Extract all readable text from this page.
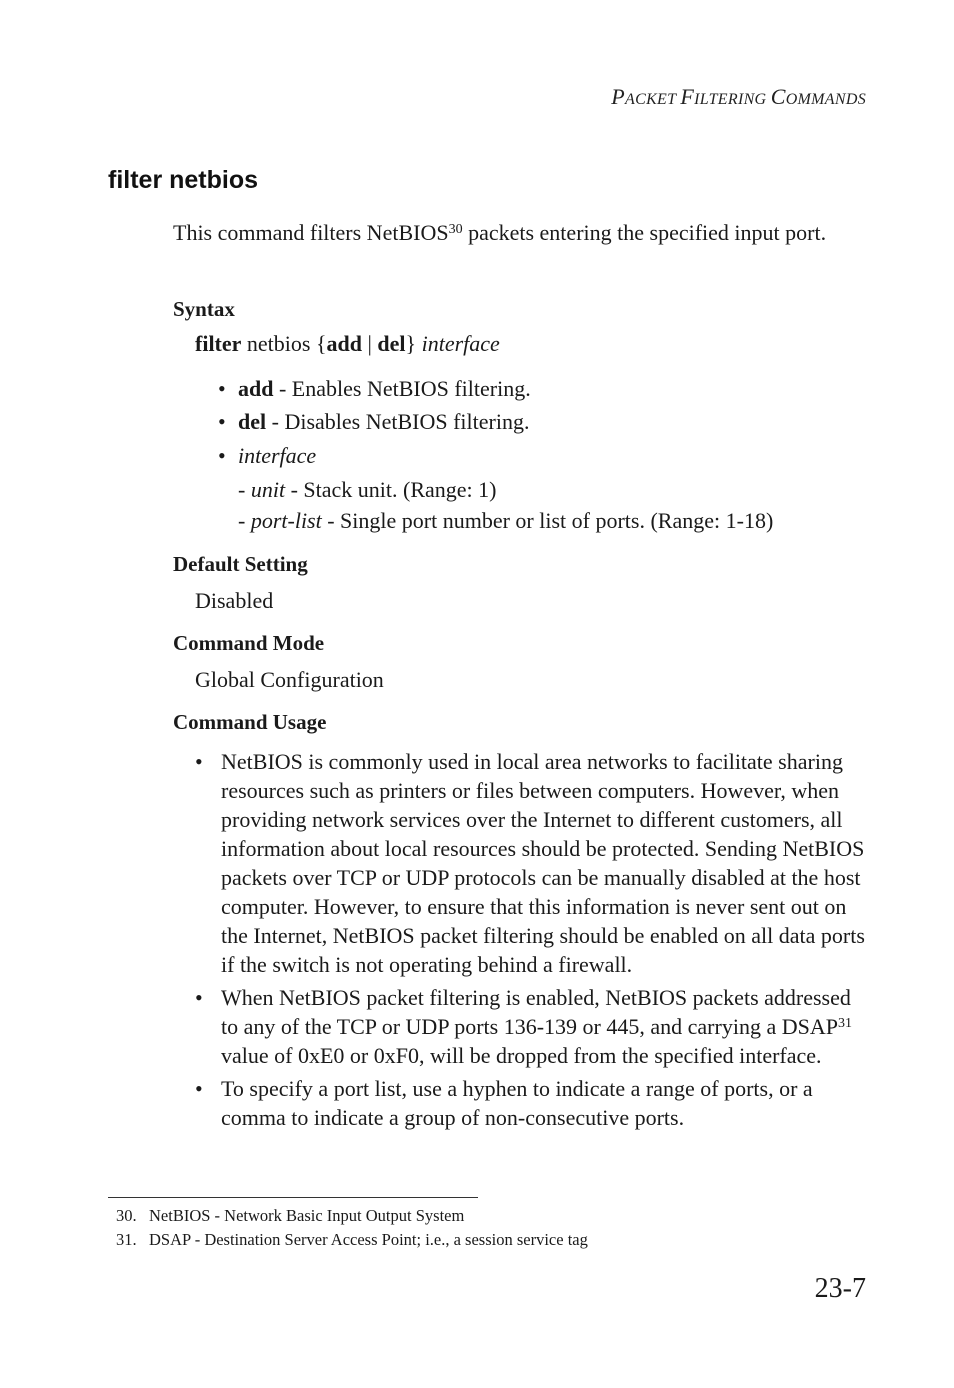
PACKET FILTERING COMMANDS
filter netbios
This command filters NetBIOS$^{30}$ packets entering the specified input port.
Syntax
filter netbios {add | del} interface
• add - Enables NetBIOS filtering.
• del - Disables NetBIOS filtering.
• interface
- unit - Stack unit. (Range: 1)
- port-list - Single port number or list of ports. (Range: 1-18)
Default Setting
Disabled
Command Mode
Global Configuration
Command Usage
• NetBIOS is commonly used in local area networks to facilitate sharing resources such as printers or files between computers. However, when providing network services over the Internet to different customers, all information about local resources should be protected. Sending NetBIOS packets over TCP or UDP protocols can be manually disabled at the host computer. However, to ensure that this information is never sent out on the Internet, NetBIOS packet filtering should be enabled on all data ports if the switch is not operating behind a firewall.
• When NetBIOS packet filtering is enabled, NetBIOS packets addressed to any of the TCP or UDP ports 136-139 or 445, and carrying a DSAP$^{31}$ value of 0xE0 or 0xF0, will be dropped from the specified interface.
• To specify a port list, use a hyphen to indicate a range of ports, or a comma to indicate a group of non-consecutive ports.
30. NetBIOS - Network Basic Input Output System
31. DSAP - Destination Server Access Point; i.e., a session service tag
23-7
